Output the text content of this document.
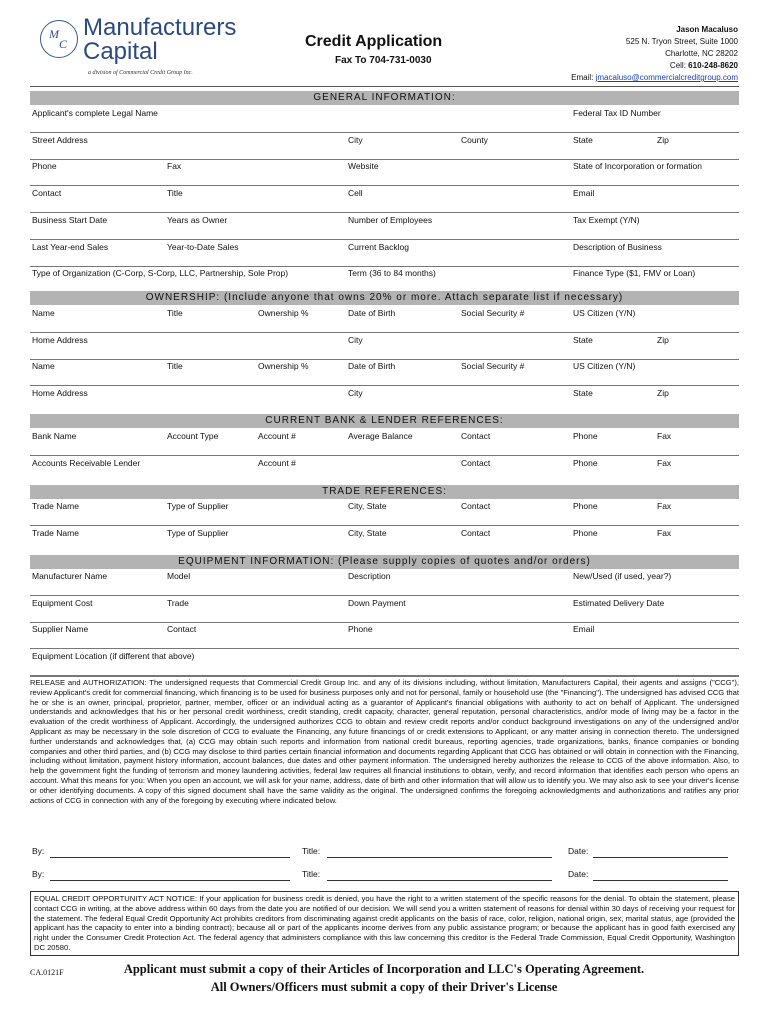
M
C
Manufacturers
Capital
a division of Commercial Credit Group Inc.
Credit Application
Fax To 704-731-0030
Jason Macaluso
525 N. Tryon Street, Suite 1000
Charlotte, NC 28202
Cell: 610-248-8620
Email: jmacaluso@commercialcreditgroup.com
GENERAL INFORMATION:
OWNERSHIP: (Include anyone that owns 20% or more. Attach separate list if necessary)
CURRENT BANK & LENDER REFERENCES:
TRADE REFERENCES:
EQUIPMENT INFORMATION: (Please supply copies of quotes and/or orders)
Applicant's complete Legal Name	Federal Tax ID Number
Street Address	City	County	State	Zip
Phone	Fax	Website	State of Incorporation or formation
Contact	Title	Cell	Email
Business Start Date	Years as Owner	Number of Employees	Tax Exempt (Y/N)
Last Year-end Sales	Year-to-Date Sales	Current Backlog	Description of Business
Type of Organization (C-Corp, S-Corp, LLC, Partnership, Sole Prop)	Term (36 to 84 months)	Finance Type ($1, FMV or Loan)
Name	Title	Ownership %	Date of Birth	Social Security #	US Citizen (Y/N)
Home Address	City	State	Zip
Name	Title	Ownership %	Date of Birth	Social Security #	US Citizen (Y/N)
Home Address	City	State	Zip
Bank Name	Account Type	Account #	Average Balance	Contact	Phone	Fax
Accounts Receivable Lender	Account #	Contact	Phone	Fax
Trade Name	Type of Supplier	City, State	Contact	Phone	Fax
Trade Name	Type of Supplier	City, State	Contact	Phone	Fax
Manufacturer Name	Model	Description	New/Used (if used, year?)
Equipment Cost	Trade	Down Payment	Estimated Delivery Date
Supplier Name	Contact	Phone	Email
Equipment Location (if different that above)
RELEASE and AUTHORIZATION: The undersigned requests that Commercial Credit Group Inc. and any of its divisions including, without limitation, Manufacturers Capital, their agents and assigns ("CCG"), review Applicant's credit for commercial financing, which financing is to be used for business purposes only and not for personal, family or household use (the "Financing"). The undersigned has advised CCG that he or she is an owner, principal, proprietor, partner, member, officer or an individual acting as a guarantor of Applicant's financial obligations with authority to act on behalf of Applicant. The undersigned understands and acknowledges that his or her personal credit worthiness, credit standing, credit capacity, character, general reputation, personal characteristics, and/or mode of living may be a factor in the evaluation of the credit worthiness of Applicant. Accordingly, the undersigned authorizes CCG to obtain and review credit reports and/or conduct background investigations on any of the undersigned and/or Applicant as may be necessary in the sole discretion of CCG to evaluate the Financing, any future financings of or credit extensions to Applicant, or any matter arising in connection thereto. The undersigned further understands and acknowledges that, (a) CCG may obtain such reports and information from national credit bureaus, reporting agencies, trade organizations, banks, finance companies or bonding companies and other third parties, and (b) CCG may disclose to third parties certain financial information and documents regarding Applicant that CCG has obtained or will obtain in connection with the Financing, including without limitation, payment history information, account balances, due dates and other payment information. The undersigned hereby authorizes the release to CCG of the above information. Also, to help the government fight the funding of terrorism and money laundering activities, federal law requires all financial institutions to obtain, verify, and record information that identifies each person who opens an account. What this means for you: When you open an account, we will ask for your name, address, date of birth and other information that will allow us to identify you. We may also ask to see your driver's license or other identifying documents. A copy of this signed document shall have the same validity as the original. The undersigned confirms the foregoing acknowledgments and authorizations and ratifies any prior actions of CCG in connection with any of the foregoing by executing where indicated below.
By:	Title:	Date:
By:	Title:	Date:
EQUAL CREDIT OPPORTUNITY ACT NOTICE: If your application for business credit is denied, you have the right to a written statement of the specific reasons for the denial. To obtain the statement, please contact CCG in writing, at the above address within 60 days from the date you are notified of our decision. We will send you a written statement of reasons for denial within 30 days of receiving your request for the statement. The federal Equal Credit Opportunity Act prohibits creditors from discriminating against credit applicants on the basis of race, color, religion, national origin, sex, marital status, age (provided the applicant has the capacity to enter into a binding contract); because all or part of the applicants income derives from any public assistance program; or because the applicant has in good faith exercised any right under the Consumer Credit Protection Act. The federal agency that administers compliance with this law concerning this creditor is the Federal Trade Commission, Equal Credit Opportunity, Washington DC 20580.
CA.0121F	Applicant must submit a copy of their Articles of Incorporation and LLC's Operating Agreement.
All Owners/Officers must submit a copy of their Driver's License
